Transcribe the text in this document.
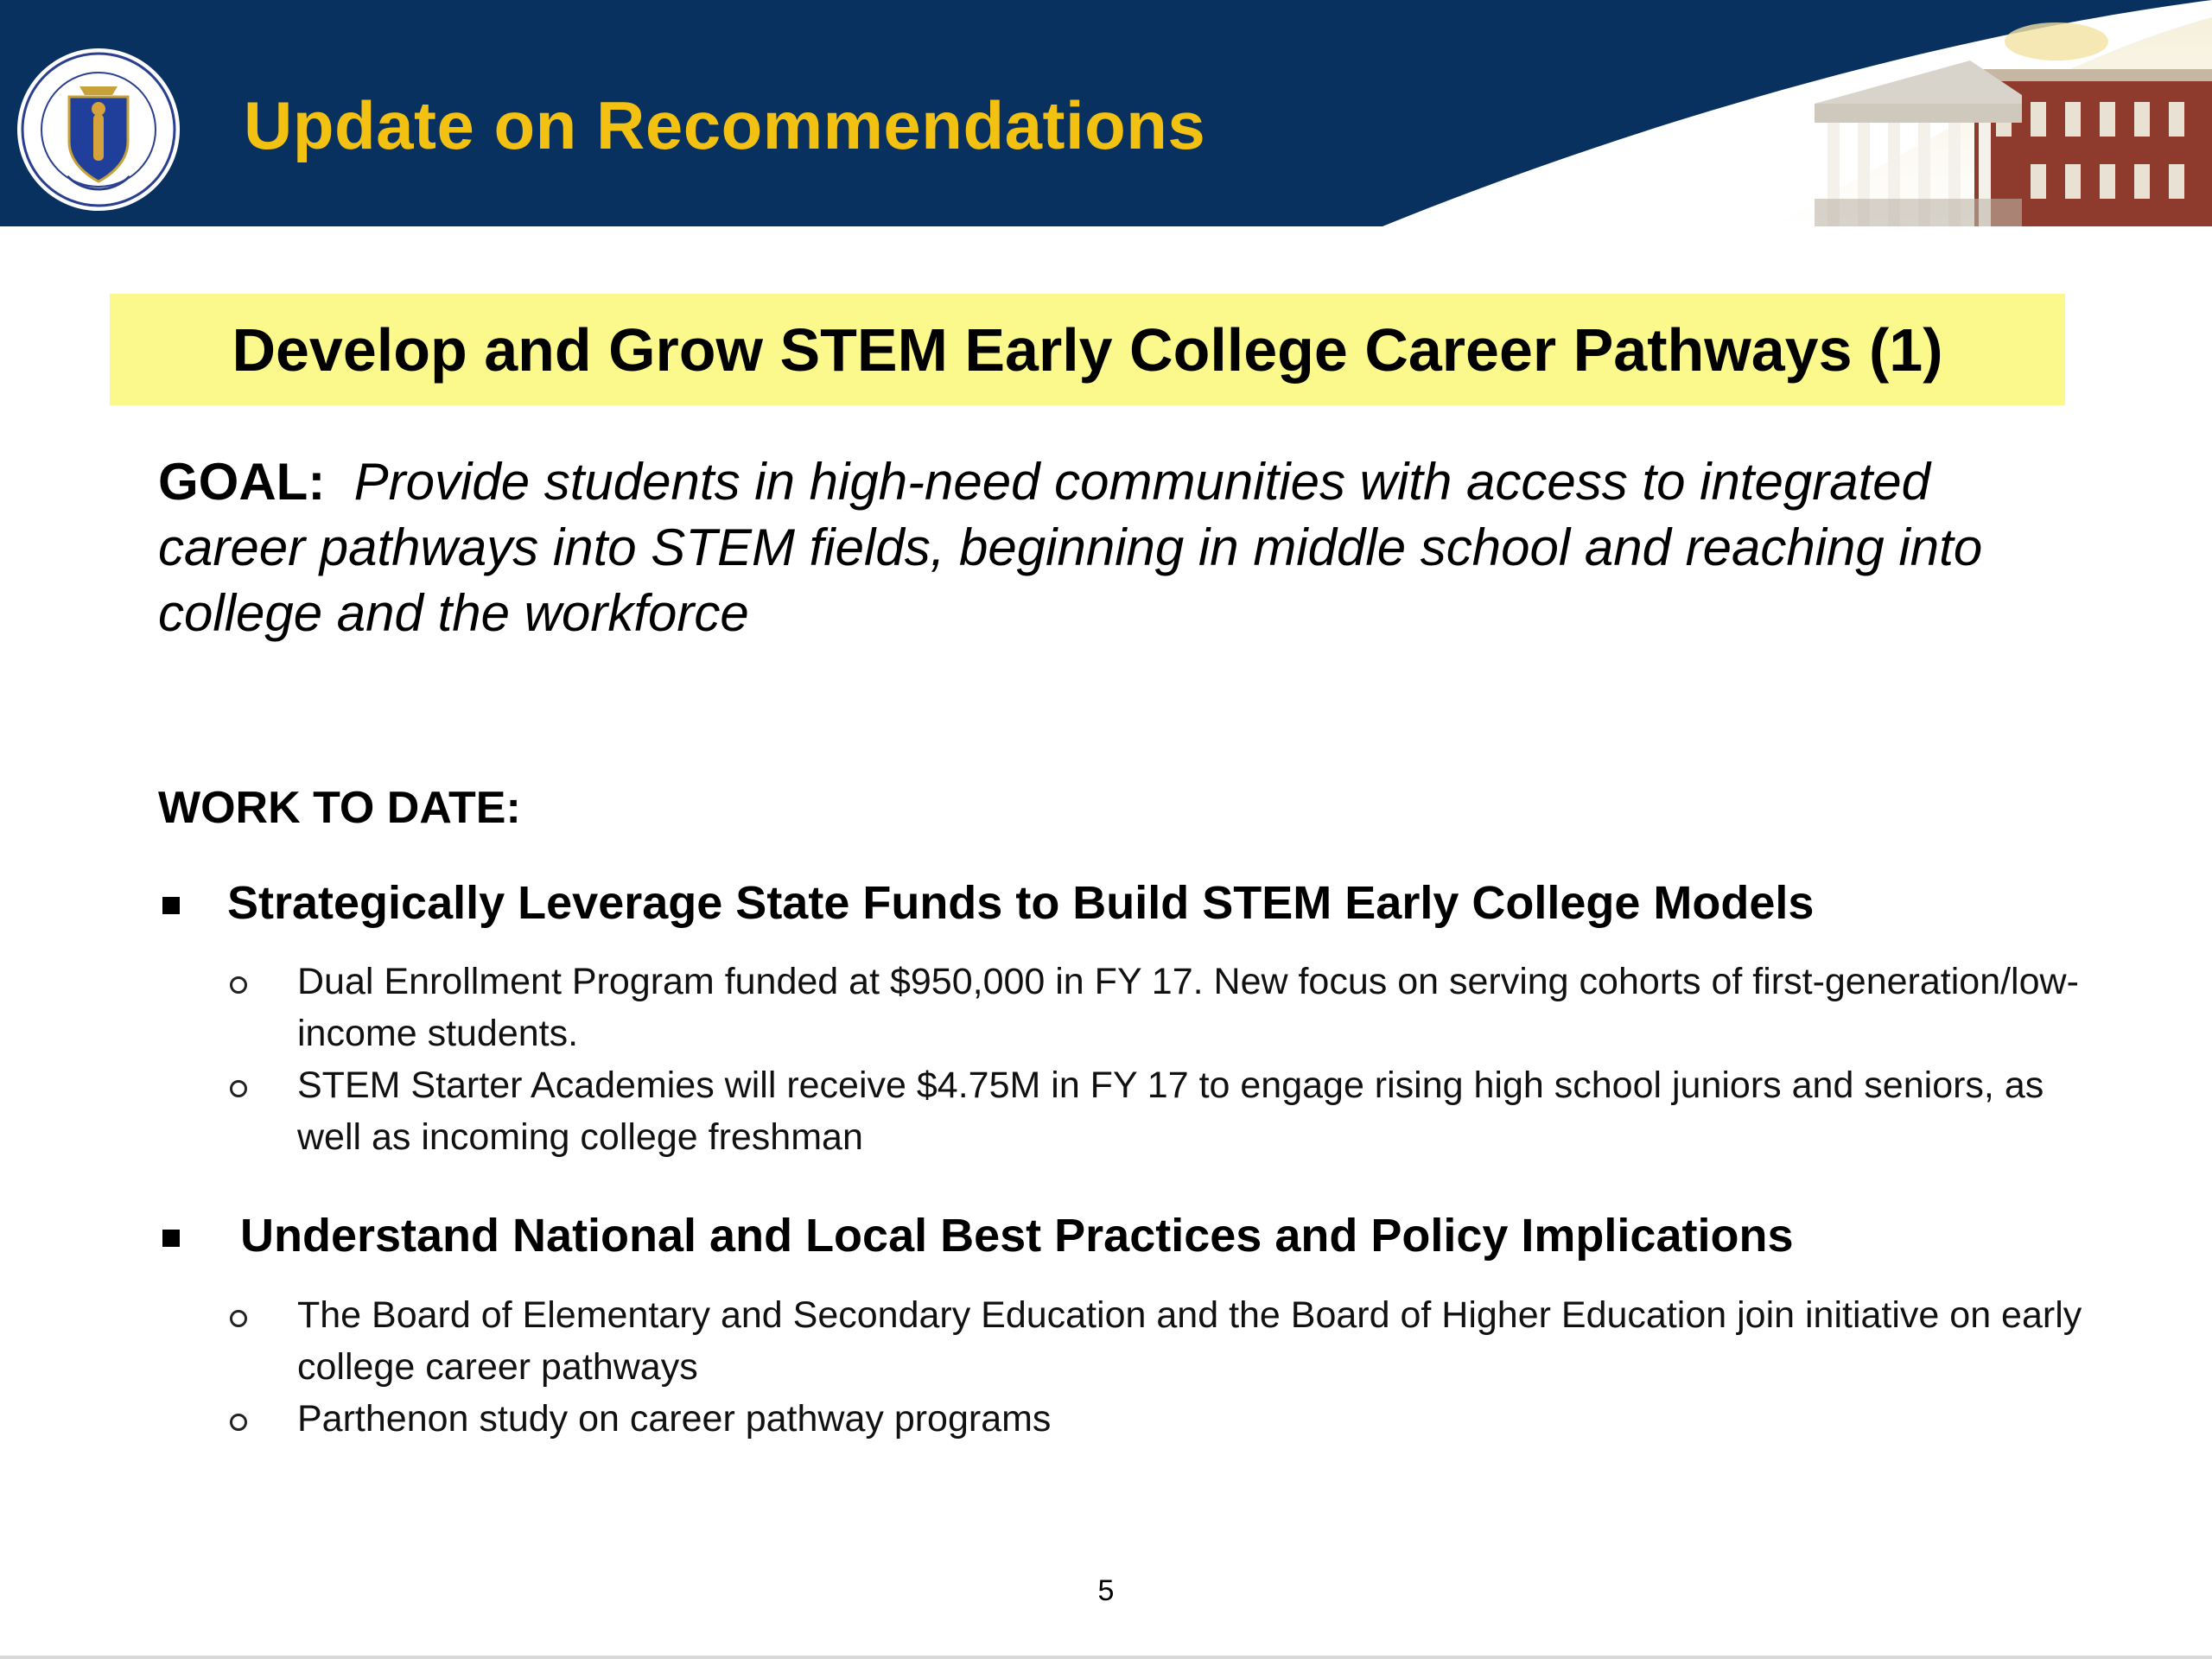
Update on Recommendations
Develop and Grow STEM Early College Career Pathways (1)
GOAL: Provide students in high-need communities with access to integrated career pathways into STEM fields, beginning in middle school and reaching into college and the workforce
WORK TO DATE:
Strategically Leverage State Funds to Build STEM Early College Models
Dual Enrollment Program funded at $950,000 in FY 17. New focus on serving cohorts of first-generation/low-income students.
STEM Starter Academies will receive $4.75M in FY 17 to engage rising high school juniors and seniors, as well as incoming college freshman
Understand National and Local Best Practices and Policy Implications
The Board of Elementary and Secondary Education and the Board of Higher Education join initiative on early college career pathways
Parthenon study on career pathway programs
5
